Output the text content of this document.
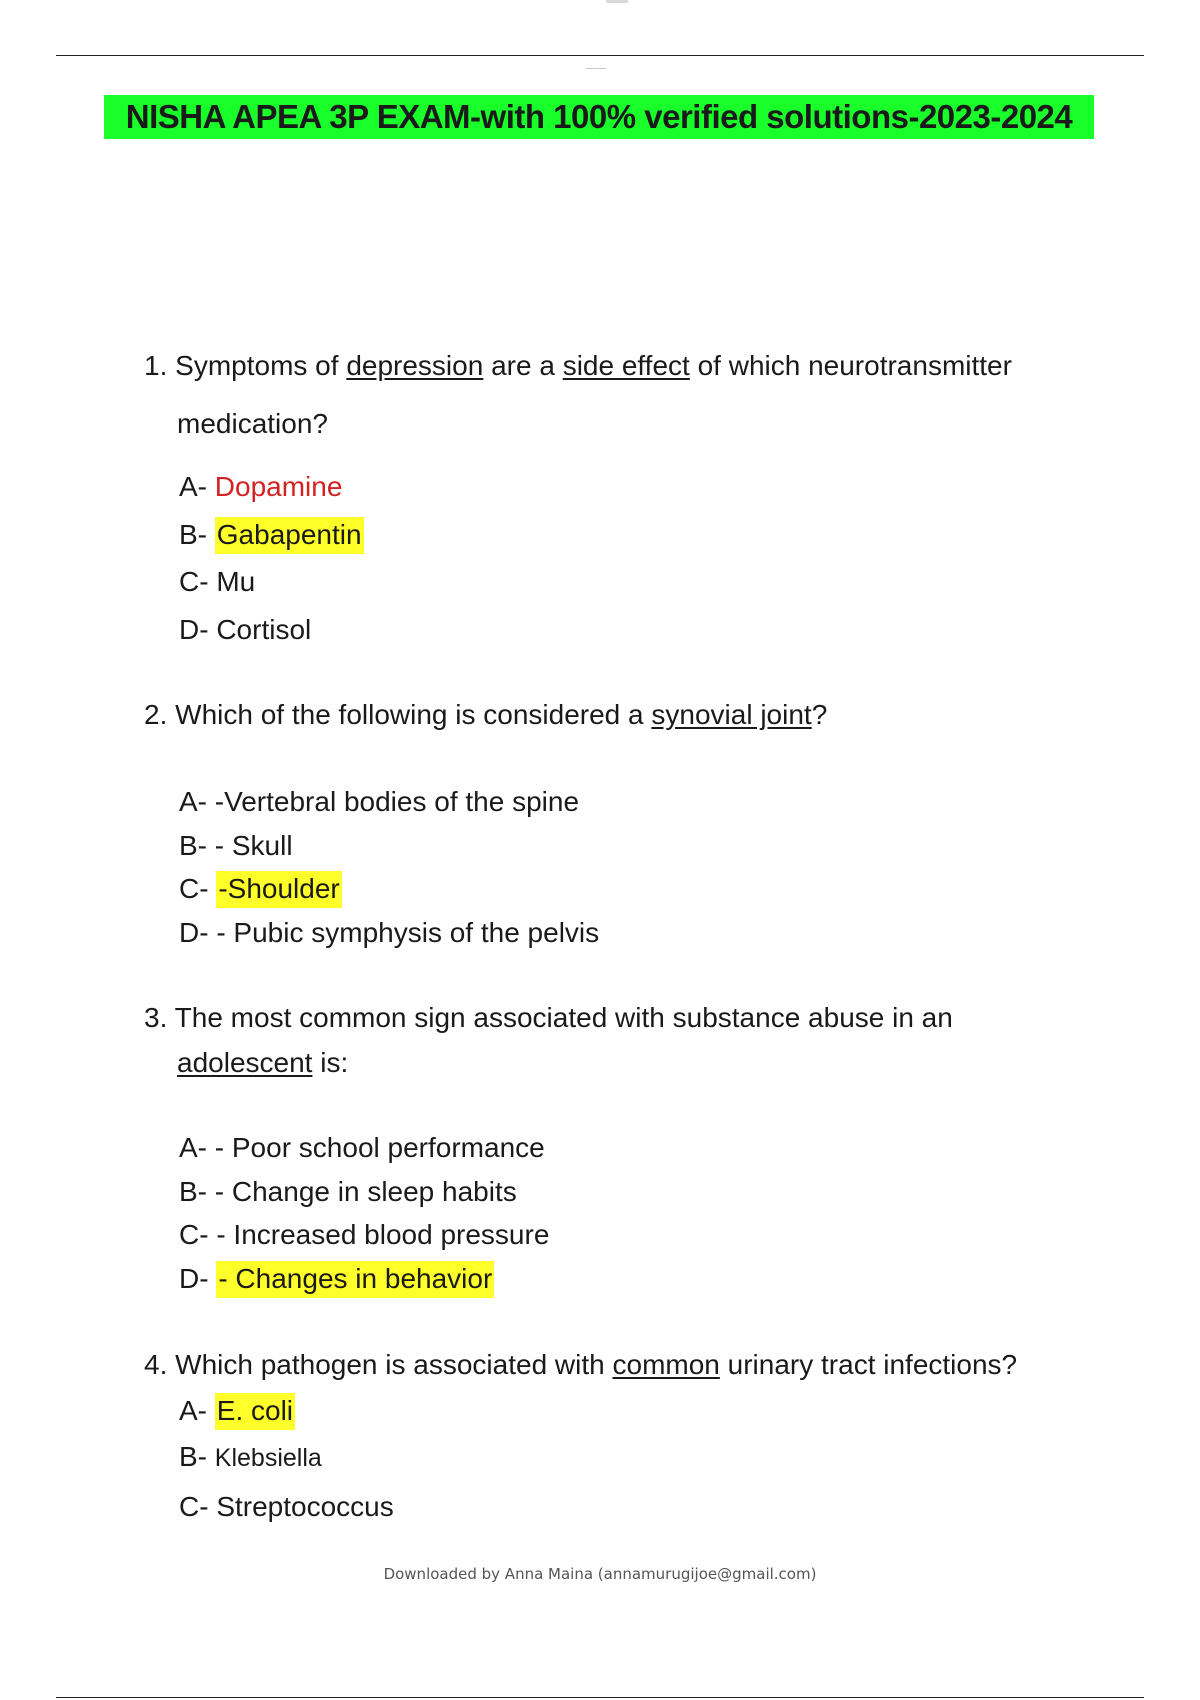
NISHA APEA 3P EXAM-with 100% verified solutions-2023-2024
1. Symptoms of depression are a side effect of which neurotransmitter
medication?
A- Dopamine
B- Gabapentin
C- Mu
D- Cortisol
2. Which of the following is considered a synovial joint?
A- -Vertebral bodies of the spine
B- - Skull
C- -Shoulder
D- - Pubic symphysis of the pelvis
3. The most common sign associated with substance abuse in an
adolescent is:
A- - Poor school performance
B- - Change in sleep habits
C- - Increased blood pressure
D- - Changes in behavior
4. Which pathogen is associated with common urinary tract infections?
A- E. coli
B- Klebsiella
C- Streptococcus
Downloaded by Anna Maina (annamurugijoe@gmail.com)
